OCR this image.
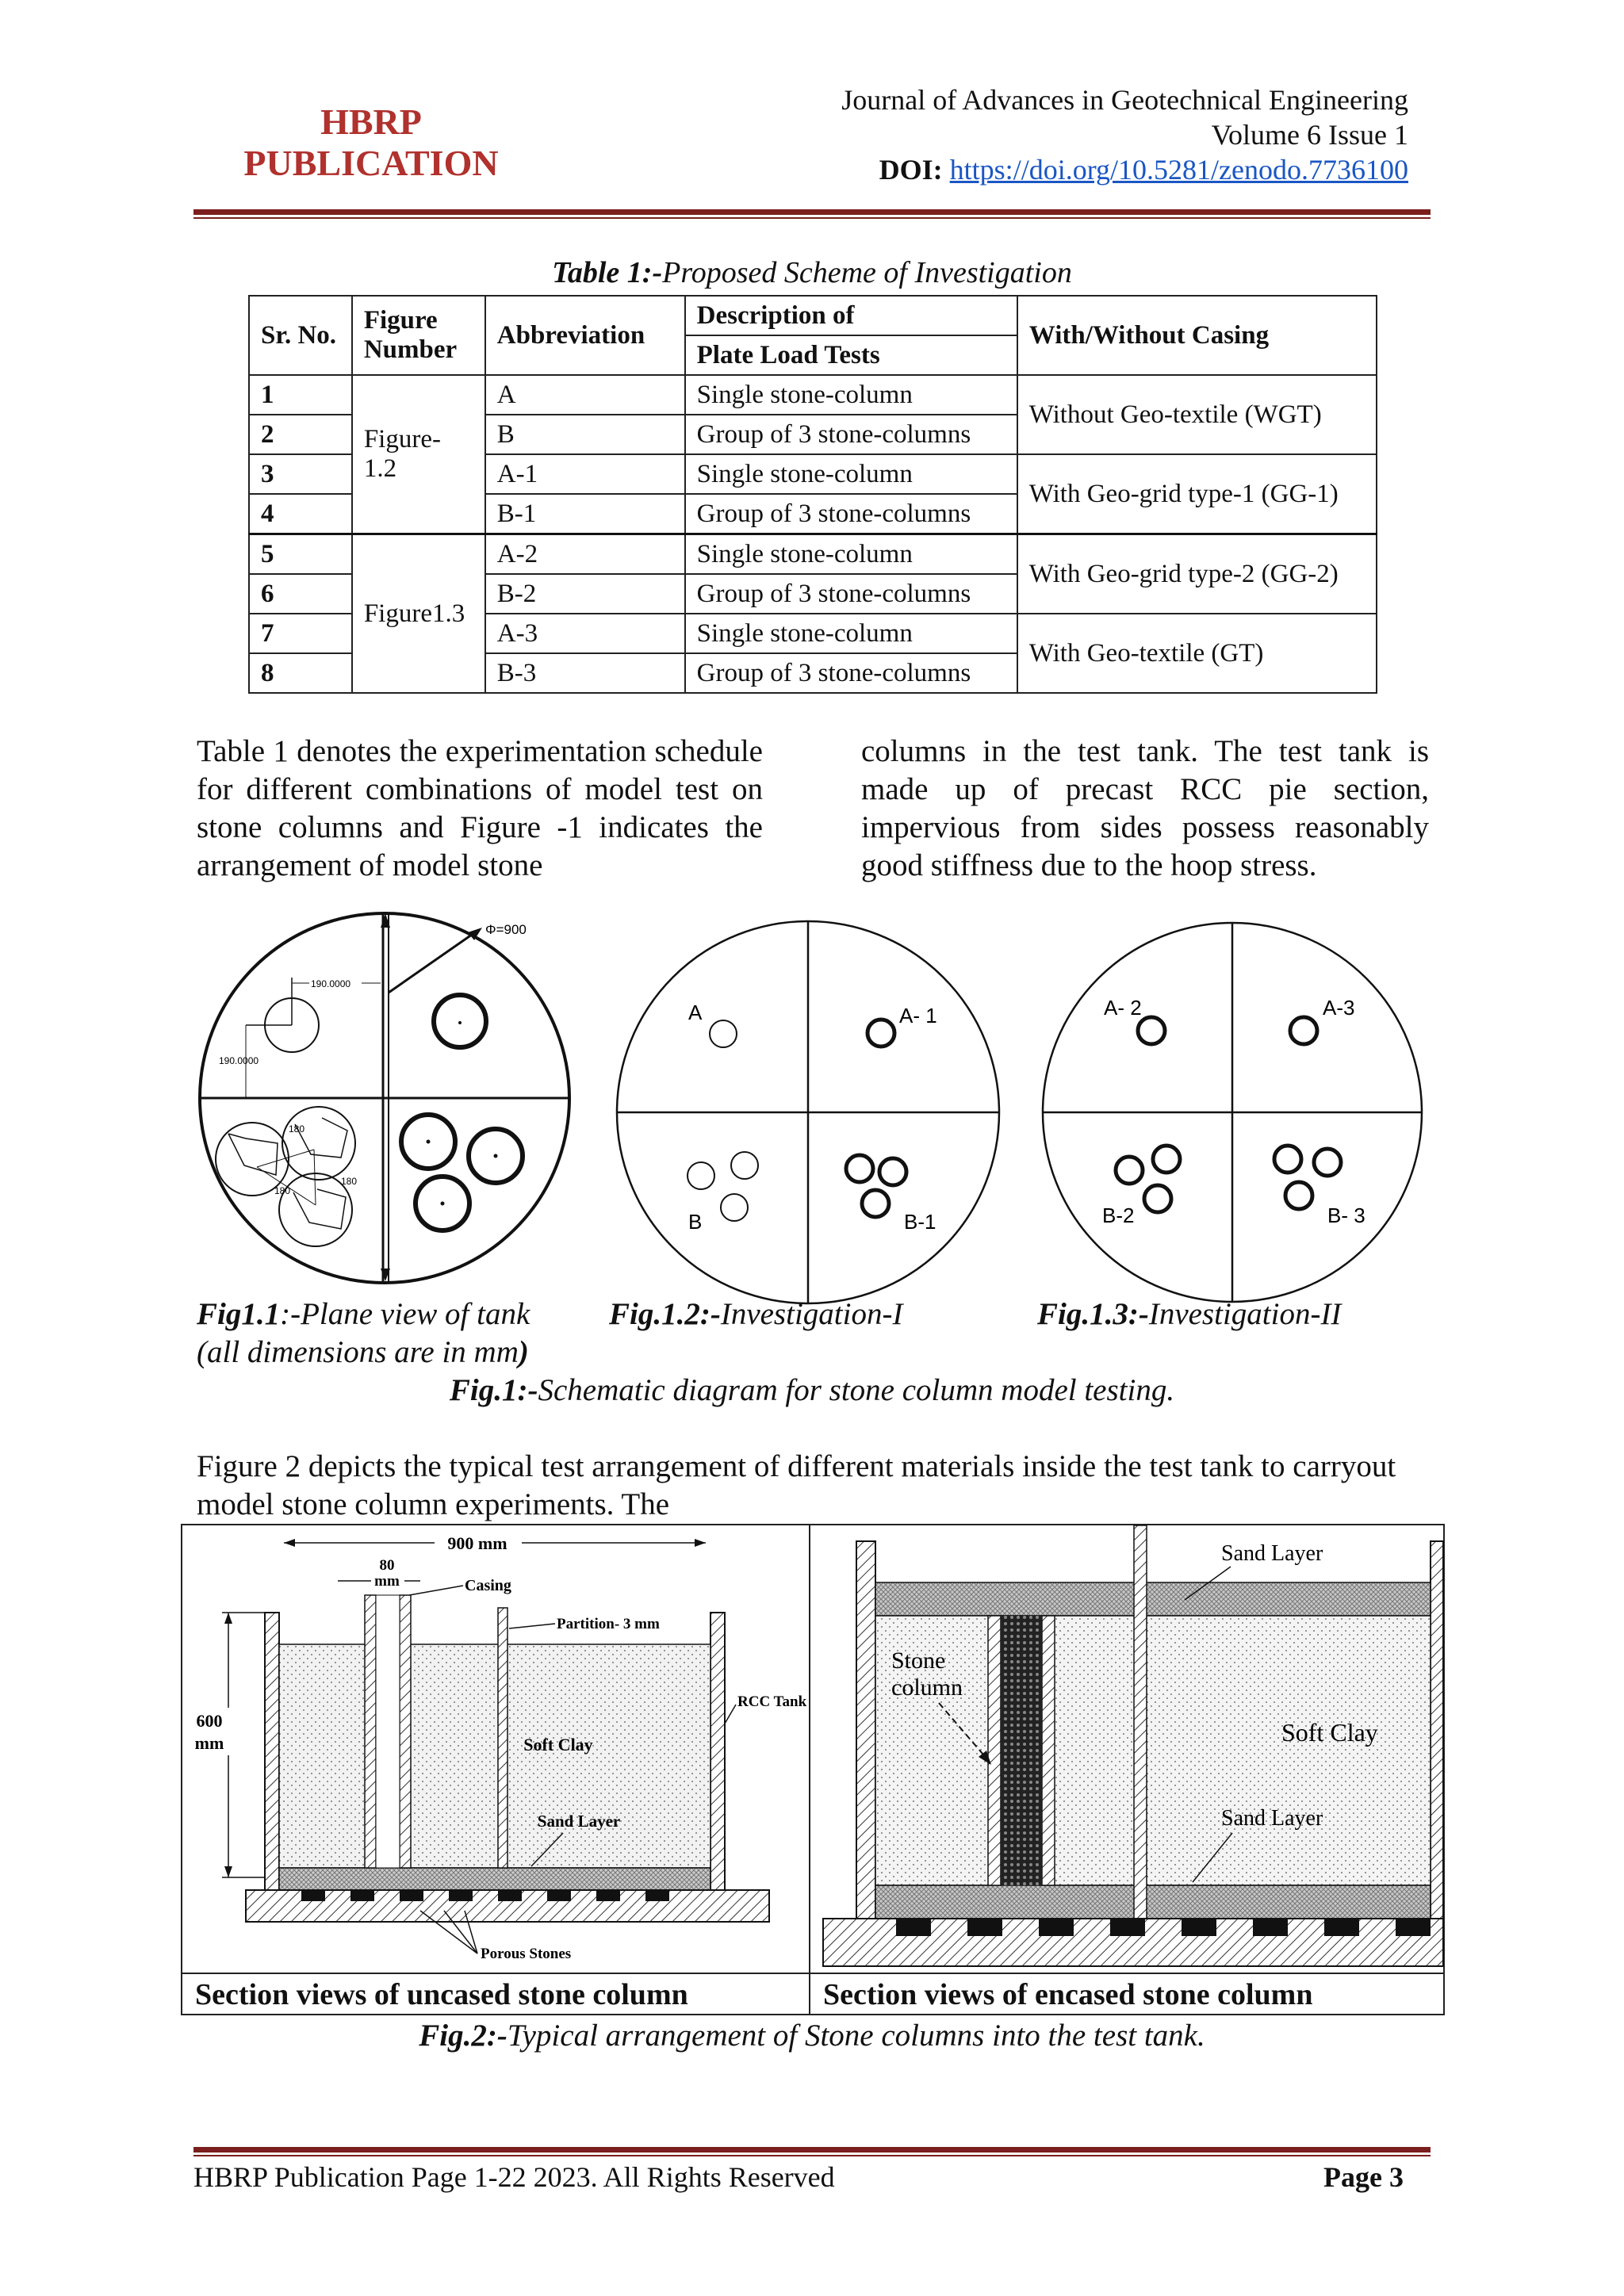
HBRP
PUBLICATION
Journal of Advances in Geotechnical Engineering
Volume 6 Issue 1
DOI: https://doi.org/10.5281/zenodo.7736100
Table 1:-Proposed Scheme of Investigation
Sr. No.	Figure Number	Abbreviation	Description of	With/Without Casing
			Plate Load Tests	
1	Figure- 1.2	A	Single stone-column	Without Geo-textile (WGT)
2		B	Group of 3 stone-columns	
3		A-1	Single stone-column	With Geo-grid type-1 (GG-1)
4		B-1	Group of 3 stone-columns	
5	Figure1.3	A-2	Single stone-column	With Geo-grid type-2 (GG-2)
6		B-2	Group of 3 stone-columns	
7		A-3	Single stone-column	With Geo-textile (GT)
8		B-3	Group of 3 stone-columns	
Table 1 denotes the experimentation schedule for different combinations of model test on stone columns and Figure -1 indicates the arrangement of model stone
columns in the test tank. The test tank is made up of precast RCC pie section, impervious from sides possess reasonably good stiffness due to the hoop stress.
Φ=900
190.0000
190.0000
180
180
180
A	A- 1
B	B-1
A- 2	A-3
B-2	B- 3
Fig1.1:-Plane view of tank
(all dimensions are in mm)
Fig.1.2:-Investigation-I	Fig.1.3:-Investigation-II
Fig.1:-Schematic diagram for stone column model testing.
Figure 2 depicts the typical test arrangement of different materials inside the test tank to carryout model stone column experiments. The
900 mm
80
mm	Casing
Partition- 3 mm
600
mm
RCC Tank
Soft Clay
Sand Layer
Porous Stones
Sand Layer
Stone
column
Soft Clay
Sand Layer
Section views of uncased stone column	Section views of encased stone column
Fig.2:-Typical arrangement of Stone columns into the test tank.
HBRP Publication Page 1-22 2023. All Rights Reserved	Page 3
